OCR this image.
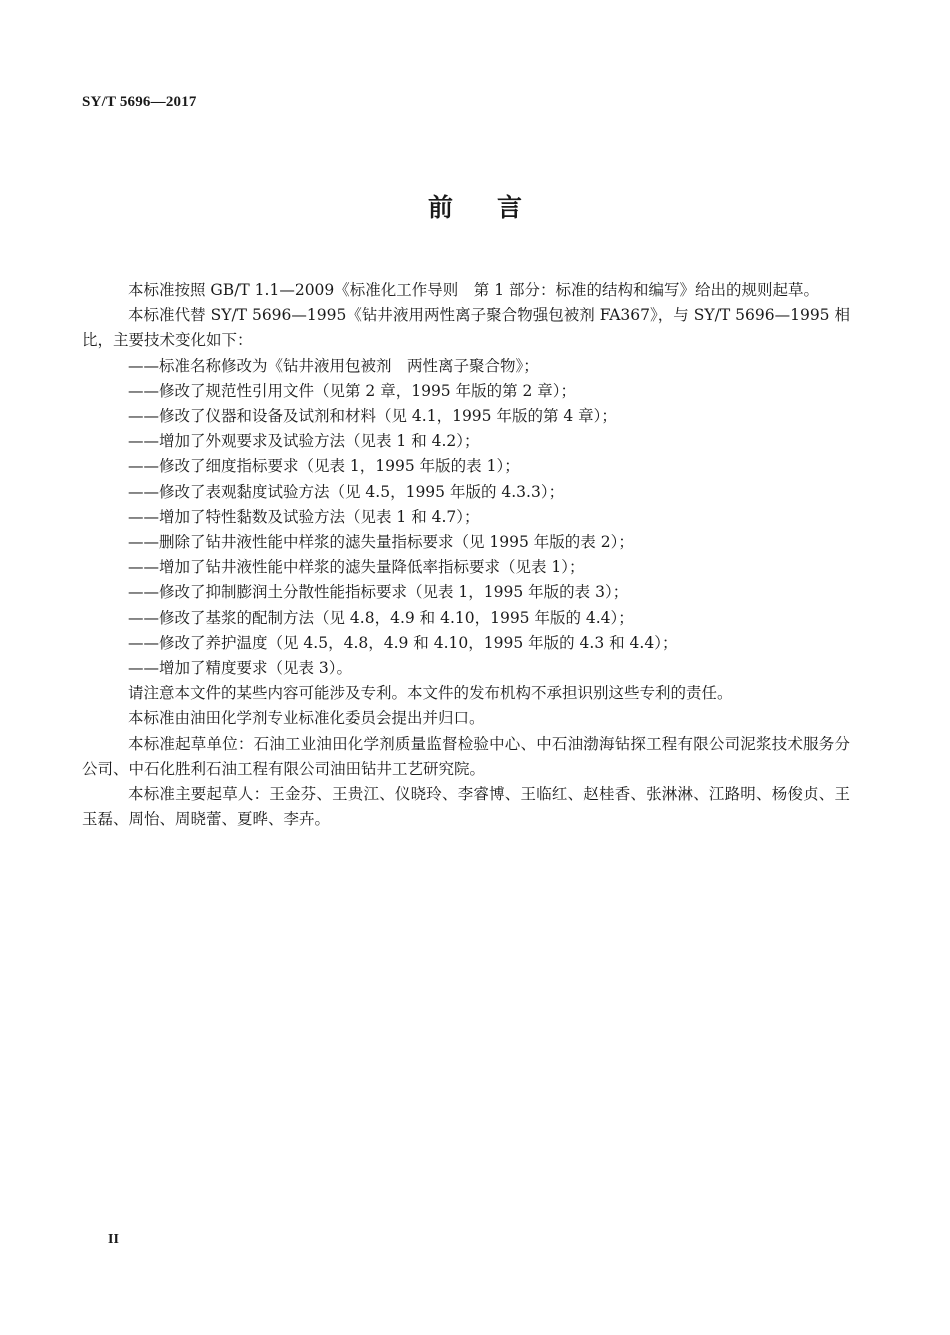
SY/T 5696—2017
前言

本标准按照 GB/T 1.1—2009《标准化工作导则　第 1 部分：标准的结构和编写》给出的规则起草。

本标准代替 SY/T 5696—1995《钻井液用两性离子聚合物强包被剂 FA367》，与 SY/T 5696—1995 相比，主要技术变化如下：

——标准名称修改为《钻井液用包被剂　两性离子聚合物》；

——修改了规范性引用文件（见第 2 章，1995 年版的第 2 章）；

——修改了仪器和设备及试剂和材料（见 4.1，1995 年版的第 4 章）；

——增加了外观要求及试验方法（见表 1 和 4.2）；

——修改了细度指标要求（见表 1，1995 年版的表 1）；

——修改了表观黏度试验方法（见 4.5，1995 年版的 4.3.3）；

——增加了特性黏数及试验方法（见表 1 和 4.7）；

——删除了钻井液性能中样浆的滤失量指标要求（见 1995 年版的表 2）；

——增加了钻井液性能中样浆的滤失量降低率指标要求（见表 1）；

——修改了抑制膨润土分散性能指标要求（见表 1，1995 年版的表 3）；

——修改了基浆的配制方法（见 4.8，4.9 和 4.10，1995 年版的 4.4）；

——修改了养护温度（见 4.5，4.8，4.9 和 4.10，1995 年版的 4.3 和 4.4）；

——增加了精度要求（见表 3）。

请注意本文件的某些内容可能涉及专利。本文件的发布机构不承担识别这些专利的责任。

本标准由油田化学剂专业标准化委员会提出并归口。

本标准起草单位：石油工业油田化学剂质量监督检验中心、中石油渤海钻探工程有限公司泥浆技术服务分公司、中石化胜利石油工程有限公司油田钻井工艺研究院。

本标准主要起草人：王金芬、王贵江、仪晓玲、李睿博、王临红、赵桂香、张淋淋、江路明、杨俊贞、王玉磊、周怡、周晓蕾、夏晔、李卉。

II
